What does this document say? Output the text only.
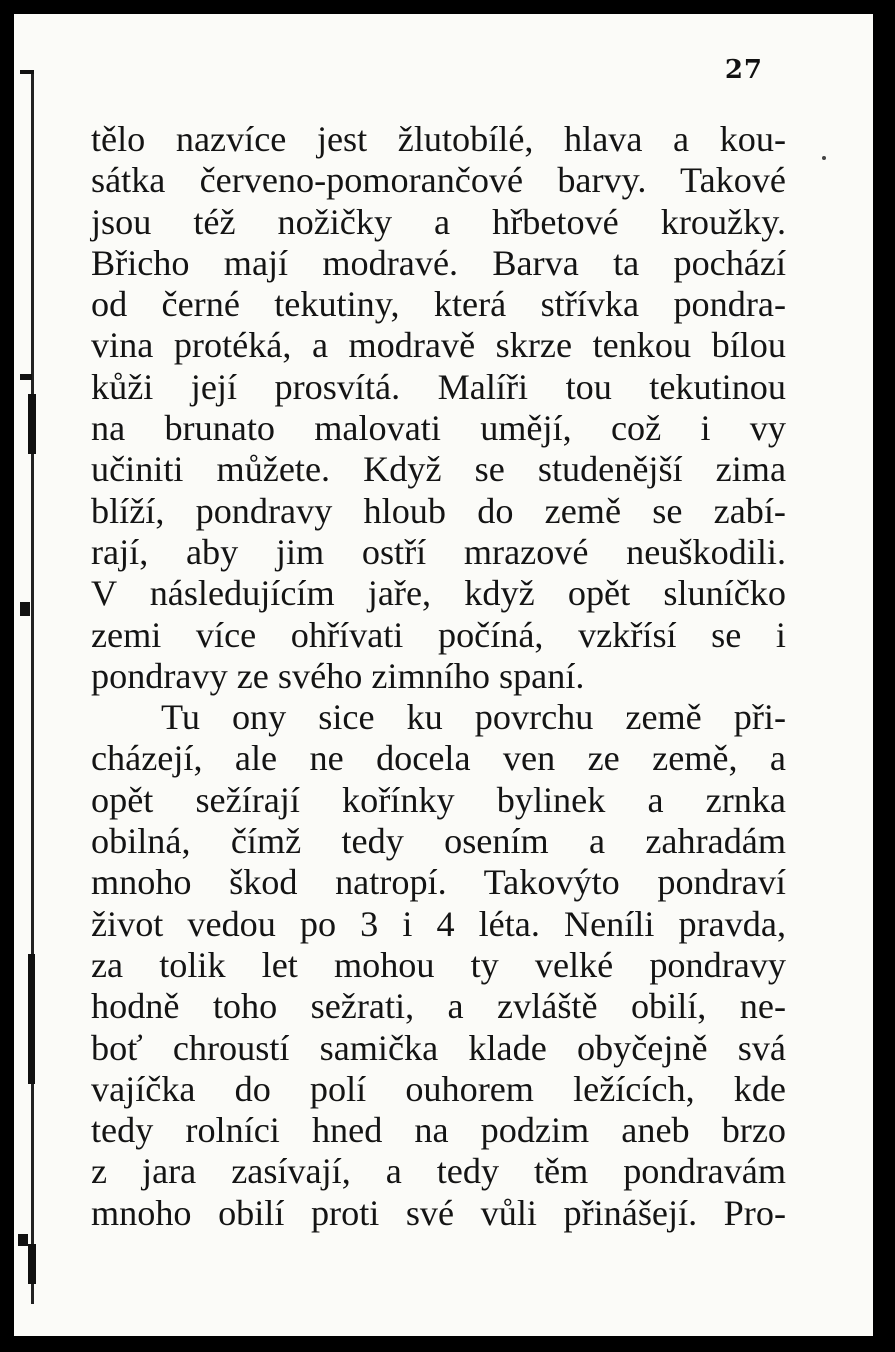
27
tělo nazvíce jest žlutobílé, hlava a kou-
sátka červeno-pomorančové barvy. Takové
jsou též nožičky a hřbetové kroužky.
Břicho mají modravé. Barva ta pochází
od černé tekutiny, která střívka pondra-
vina protéká, a modravě skrze tenkou bílou
kůži její prosvítá. Malíři tou tekutinou
na brunato malovati umějí, což i vy
učiniti můžete. Když se studenější zima
blíží, pondravy hloub do země se zabí-
rají, aby jim ostří mrazové neuškodili.
V následujícím jaře, když opět sluníčko
zemi více ohřívati počíná, vzkřísí se i
pondravy ze svého zimního spaní.
Tu ony sice ku povrchu země při-
cházejí, ale ne docela ven ze země, a
opět sežírají kořínky bylinek a zrnka
obilná, čímž tedy osením a zahradám
mnoho škod natropí. Takovýto pondraví
život vedou po 3 i 4 léta. Neníli pravda,
za tolik let mohou ty velké pondravy
hodně toho sežrati, a zvláště obilí, ne-
boť chroustí samička klade obyčejně svá
vajíčka do polí ouhorem ležících, kde
tedy rolníci hned na podzim aneb brzo
z jara zasívají, a tedy těm pondravám
mnoho obilí proti své vůli přinášejí. Pro-
